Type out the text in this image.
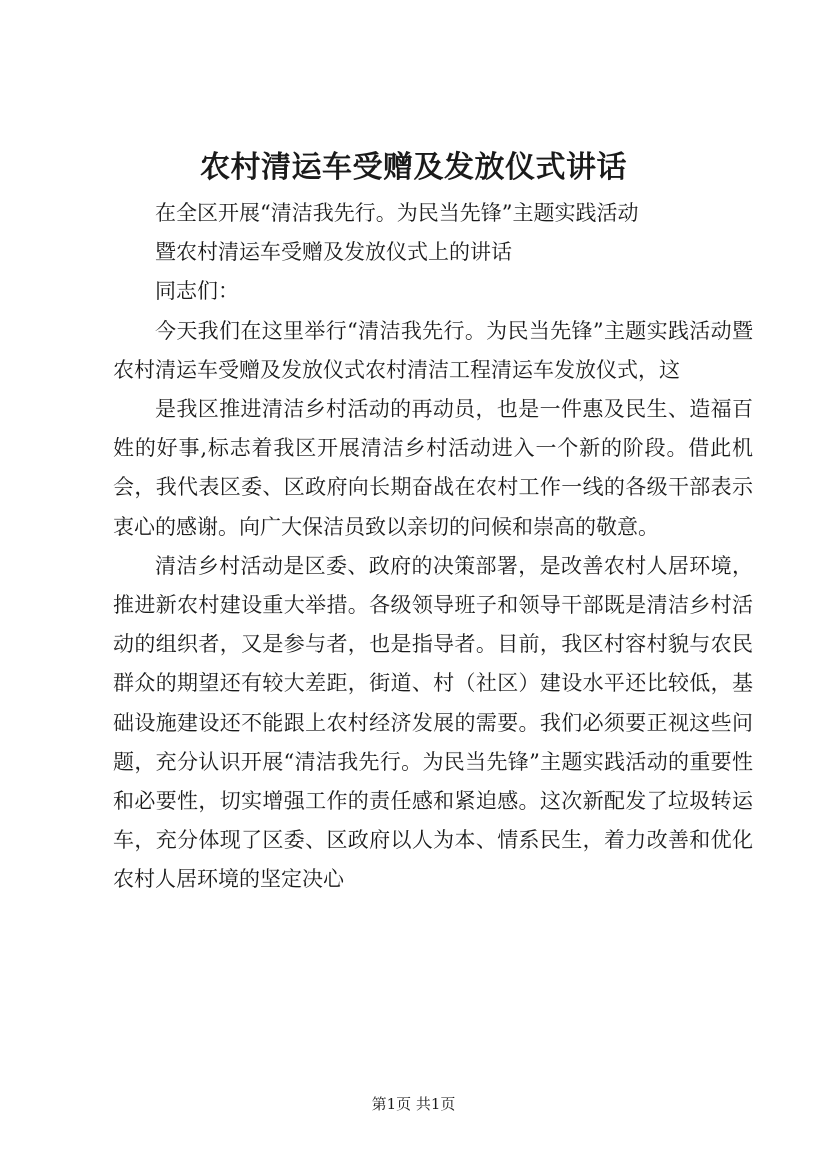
农村清运车受赠及发放仪式讲话

在全区开展“清洁我先行。为民当先锋”主题实践活动

暨农村清运车受赠及发放仪式上的讲话

同志们：

今天我们在这里举行“清洁我先行。为民当先锋”主题实践活动暨农村清运车受赠及发放仪式农村清洁工程清运车发放仪式，这

是我区推进清洁乡村活动的再动员，也是一件惠及民生、造福百姓的好事,标志着我区开展清洁乡村活动进入一个新的阶段。借此机会，我代表区委、区政府向长期奋战在农村工作一线的各级干部表示衷心的感谢。向广大保洁员致以亲切的问候和崇高的敬意。

清洁乡村活动是区委、政府的决策部署，是改善农村人居环境，推进新农村建设重大举措。各级领导班子和领导干部既是清洁乡村活动的组织者，又是参与者，也是指导者。目前，我区村容村貌与农民群众的期望还有较大差距，街道、村（社区）建设水平还比较低，基础设施建设还不能跟上农村经济发展的需要。我们必须要正视这些问题，充分认识开展“清洁我先行。为民当先锋”主题实践活动的重要性和必要性，切实增强工作的责任感和紧迫感。这次新配发了垃圾转运车，充分体现了区委、区政府以人为本、情系民生，着力改善和优化农村人居环境的坚定决心

第1页 共1页
